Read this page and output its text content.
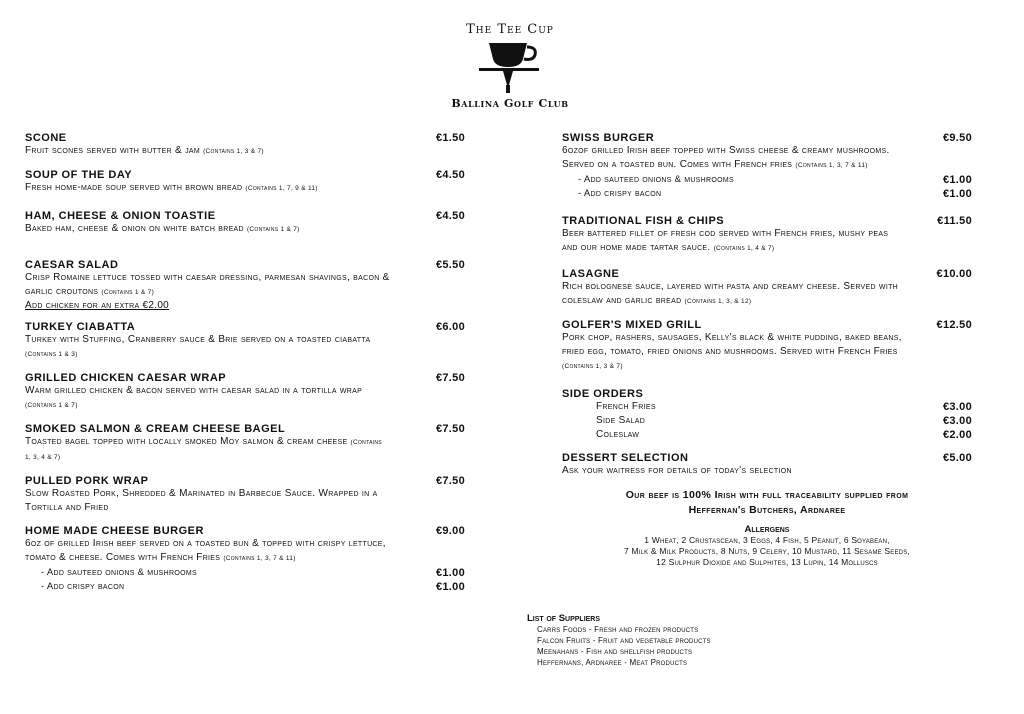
The Tee Cup
Ballina Golf Club
SCONE	€1.50
Fruit scones served with butter & jam (Contains 1, 3 & 7)
SOUP OF THE DAY	€4.50
Fresh home-made soup served with brown bread (Contains 1, 7, 9 & 11)
HAM, CHEESE & ONION TOASTIE	€4.50
Baked ham, cheese & onion on white batch bread (Contains 1 & 7)
CAESAR SALAD	€5.50
Crisp Romaine lettuce tossed with caesar dressing, parmesan shavings, bacon & garlic croutons (Contains 1 & 7)
Add chicken for an extra €2.00
TURKEY CIABATTA	€6.00
Turkey with Stuffing, Cranberry sauce & Brie served on a toasted ciabatta (Contains 1 & 3)
GRILLED CHICKEN CAESAR WRAP	€7.50
Warm grilled chicken & bacon served with caesar salad in a tortilla wrap (Contains 1 & 7)
SMOKED SALMON & CREAM CHEESE BAGEL	€7.50
Toasted bagel topped with locally smoked Moy salmon & cream cheese (Contains 1, 3, 4 & 7)
PULLED PORK WRAP	€7.50
Slow Roasted Pork, Shredded & Marinated in Barbecue Sauce. Wrapped in a Tortilla and Fried
HOME MADE CHEESE BURGER	€9.00
6oz of grilled Irish beef served on a toasted bun & topped with crispy lettuce, tomato & cheese. Comes with French Fries (Contains 1, 3, 7 & 11)
- Add sauteed onions & mushrooms	€1.00
- Add crispy bacon	€1.00
SWISS BURGER	€9.50
6ozof grilled Irish beef topped with Swiss cheese & creamy mushrooms. Served on a toasted bun. Comes with French fries (Contains 1, 3, 7 & 11)
- Add sauteed onions & mushrooms	€1.00
- Add crispy bacon	€1.00
TRADITIONAL FISH & CHIPS	€11.50
Beer battered fillet of fresh cod served with French fries, mushy peas and our home made tartar sauce. (Contains 1, 4 & 7)
LASAGNE	€10.00
Rich bolognese sauce, layered with pasta and creamy cheese. Served with coleslaw and garlic bread (Contains 1, 3, & 12)
GOLFER'S MIXED GRILL	€12.50
Pork chop, rashers, sausages, Kelly's black & white pudding, baked beans, fried egg, tomato, fried onions and mushrooms. Served with French Fries (Contains 1, 3 & 7)
SIDE ORDERS
French Fries	€3.00
Side Salad	€3.00
Coleslaw	€2.00
DESSERT SELECTION	€5.00
Ask your waitress for details of today's selection
Our beef is 100% Irish with full traceability supplied from
Heffernan's Butchers, Ardnaree
Allergens
1 Wheat, 2 Crustascean, 3 Eggs, 4 Fish, 5 Peanut, 6 Soyabean,
7 Milk & Milk Products, 8 Nuts, 9 Celery, 10 Mustard, 11 Sesame Seeds,
12 Sulphur Dioxide and Sulphites, 13 Lupin, 14 Molluscs
List of Suppliers
Carrs Foods - Fresh and frozen products
Falcon Fruits - Fruit and vegetable products
Meenahans - Fish and shellfish products
Heffernans, Ardnaree - Meat Products
